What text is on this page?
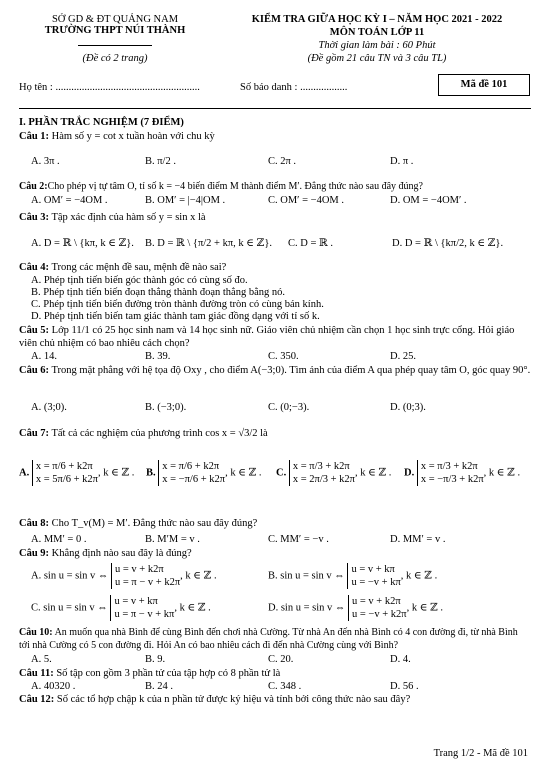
SỞ GD & ĐT QUẢNG NAM
TRƯỜNG THPT NÚI THÀNH
(Đề có 2 trang)
KIỂM TRA GIỮA HỌC KỲ I – NĂM HỌC 2021 - 2022
MÔN TOÁN LỚP 11
Thời gian làm bài : 60 Phút
(Đề gồm 21 câu TN và 3 câu TL)
Họ tên : .......................................................	Số báo danh : ..................	Mã đề 101
I. PHẦN TRẮC NGHIỆM (7 ĐIỂM)
Câu 1: Hàm số y = cot x tuần hoàn với chu kỳ
A. 3π .	B. π/2 .	C. 2π .	D. π .
Câu 2:Cho phép vị tự tâm O, tỉ số k = −4 biến điểm M thành điểm M′. Đẳng thức nào sau đây đúng?
A. OM′ = −4OM .	B. OM′ = |−4|OM .	C. OM′ = −4OM .	D. OM = −4OM′ .
Câu 3: Tập xác định của hàm số y = sin x là
A. D = ℝ \ {kπ, k ∈ ℤ}. B. D = ℝ \ {π/2 + kπ, k ∈ ℤ}. C. D = ℝ .	D. D = ℝ \ {kπ/2, k ∈ ℤ}.
Câu 4: Trong các mệnh đề sau, mệnh đề nào sai?
A. Phép tịnh tiến biến góc thành góc có cùng số đo.
B. Phép tịnh tiến biến đoạn thẳng thành đoạn thẳng bằng nó.
C. Phép tịnh tiến biến đường tròn thành đường tròn có cùng bán kính.
D. Phép tịnh tiến biến tam giác thành tam giác đồng dạng với tỉ số k.
Câu 5: Lớp 11/1 có 25 học sinh nam và 14 học sinh nữ. Giáo viên chủ nhiệm cần chọn 1 học sinh trực cổng. Hỏi giáo viên chủ nhiệm có bao nhiêu cách chọn?
A. 14.	B. 39.	C. 350.	D. 25.
Câu 6: Trong mặt phẳng với hệ tọa độ Oxy , cho điểm A(−3;0). Tìm ảnh của điểm A qua phép quay tâm O, góc quay 90°.
A. (3;0).	B. (−3;0).	C. (0;−3).	D. (0;3).
Câu 7: Tất cả các nghiệm của phương trình cos x = √3/2 là
A. x = π/6 + k2π
x = 5π/6 + k2π, k ∈ ℤ . B. x = π/6 + k2π
x = −π/6 + k2π, k ∈ ℤ . C. x = π/3 + k2π
x = 2π/3 + k2π, k ∈ ℤ . D. x = π/3 + k2π
x = −π/3 + k2π, k ∈ ℤ .
Câu 8: Cho T_v(M) = M′. Đẳng thức nào sau đây đúng?
A. MM′ = 0 .	B. M′M = v .	C. MM′ = −v .	D. MM′ = v .
Câu 9: Khẳng định nào sau đây là đúng?
A. sin u = sin v ⇔ u = v + k2π
u = π − v + k2π, k ∈ ℤ .	B. sin u = sin v ⇔ u = v + kπ
u = −v + kπ, k ∈ ℤ .
C. sin u = sin v ⇔ u = v + kπ
u = π − v + kπ, k ∈ ℤ .	D. sin u = sin v ⇔ u = v + k2π
u = −v + k2π, k ∈ ℤ .
Câu 10: An muốn qua nhà Bình để cùng Bình đến chơi nhà Cường. Từ nhà An đến nhà Bình có 4 con đường đi, từ nhà Bình tới nhà Cường có 5 con đường đi. Hỏi An có bao nhiêu cách đi đến nhà Cường cùng với Bình?
A. 5.	B. 9.	C. 20.	D. 4.
Câu 11: Số tập con gồm 3 phần tử của tập hợp có 8 phần tử là
A. 40320 .	B. 24 .	C. 348 .	D. 56 .
Câu 12: Số các tổ hợp chập k của n phần tử được ký hiệu và tính bởi công thức nào sau đây?
Trang 1/2 - Mã đề 101
